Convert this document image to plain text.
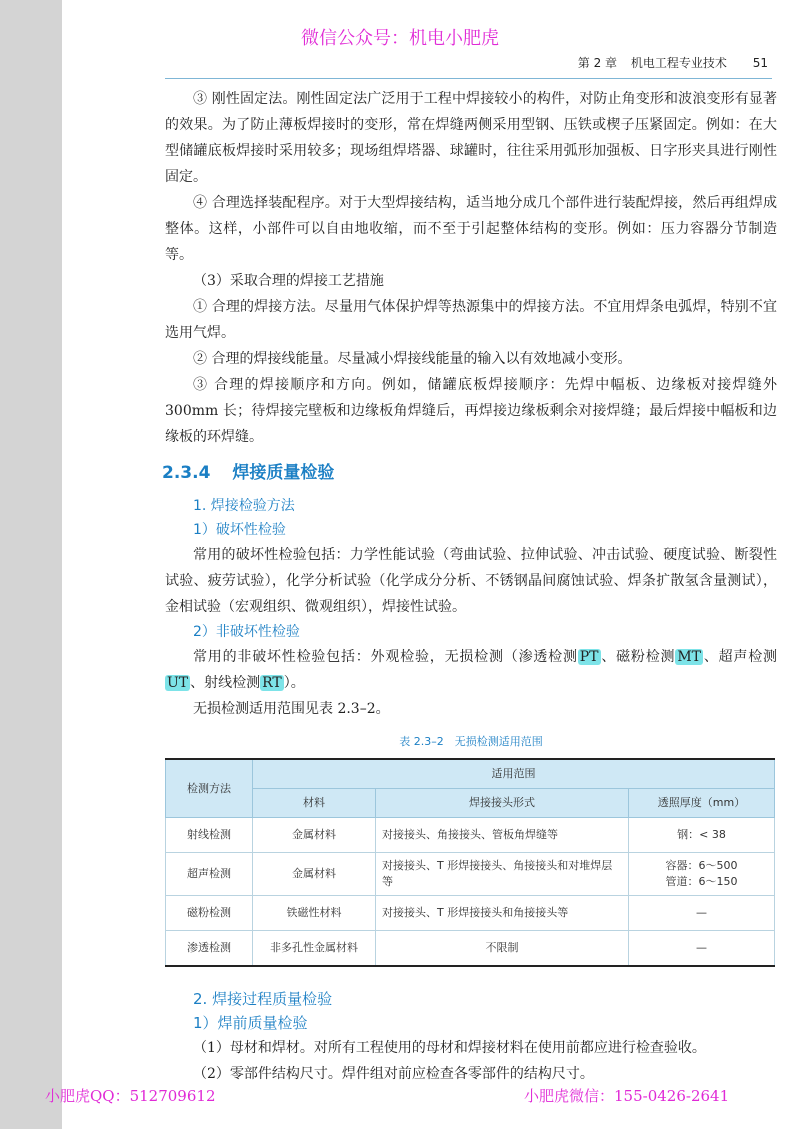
微信公众号：机电小肥虎
第 2 章 机电工程专业技术 51

③ 刚性固定法。刚性固定法广泛用于工程中焊接较小的构件，对防止角变形和波浪变形有显著的效果。为了防止薄板焊接时的变形，常在焊缝两侧采用型钢、压铁或楔子压紧固定。例如：在大型储罐底板焊接时采用较多；现场组焊塔器、球罐时，往往采用弧形加强板、日字形夹具进行刚性固定。

④ 合理选择装配程序。对于大型焊接结构，适当地分成几个部件进行装配焊接，然后再组焊成整体。这样，小部件可以自由地收缩，而不至于引起整体结构的变形。例如：压力容器分节制造等。

（3）采取合理的焊接工艺措施

① 合理的焊接方法。尽量用气体保护焊等热源集中的焊接方法。不宜用焊条电弧焊，特别不宜选用气焊。

② 合理的焊接线能量。尽量减小焊接线能量的输入以有效地减小变形。

③ 合理的焊接顺序和方向。例如，储罐底板焊接顺序：先焊中幅板、边缘板对接焊缝外 300mm 长；待焊接完壁板和边缘板角焊缝后，再焊接边缘板剩余对接焊缝；最后焊接中幅板和边缘板的环焊缝。

2.3.4 焊接质量检验

1. 焊接检验方法

1）破坏性检验

常用的破坏性检验包括：力学性能试验（弯曲试验、拉伸试验、冲击试验、硬度试验、断裂性试验、疲劳试验），化学分析试验（化学成分分析、不锈钢晶间腐蚀试验、焊条扩散氢含量测试），金相试验（宏观组织、微观组织），焊接性试验。

2）非破坏性检验

常用的非破坏性检验包括：外观检验，无损检测（渗透检测 PT 、磁粉检测 MT 、超声检测UT 、射线检测 RT ）。

无损检测适用范围见表 2.3–2。

表 2.3–2　无损检测适用范围
检测方法	适用范围		
	材料	焊接接头形式	透照厚度（mm）
射线检测	金属材料	对接接头、角接接头、管板角焊缝等	钢：< 38
超声检测	金属材料	对接接头、T 形焊接接头、角接接头和对堆焊层等	容器：6～500
管道：6～150

磁粉检测	铁磁性材料	对接接头、T 形焊接接头和角接接头等	—
渗透检测	非多孔性金属材料	不限制	—

2. 焊接过程质量检验

1）焊前质量检验

（1）母材和焊材。对所有工程使用的母材和焊接材料在使用前都应进行检查验收。

（2）零部件结构尺寸。焊件组对前应检查各零部件的结构尺寸。

小肥虎QQ：512709612	小肥虎微信：155-0426-2641
